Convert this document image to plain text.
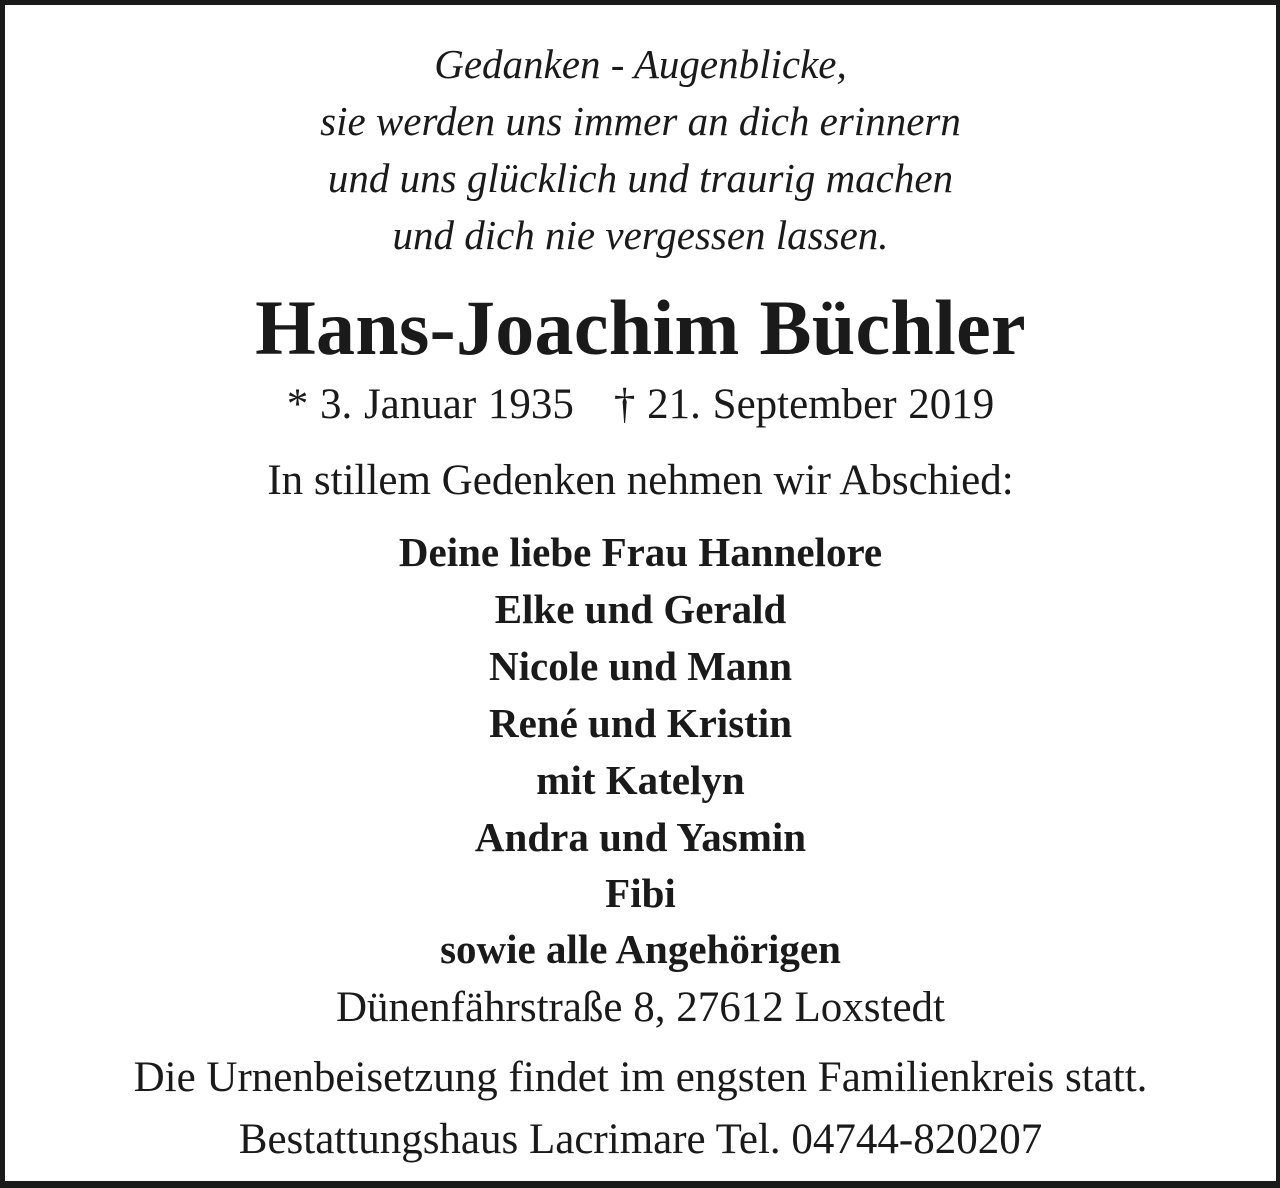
Gedanken - Augenblicke,
sie werden uns immer an dich erinnern
und uns glücklich und traurig machen
und dich nie vergessen lassen.
Hans-Joachim Büchler
* 3. Januar 1935 † 21. September 2019
In stillem Gedenken nehmen wir Abschied:
Deine liebe Frau Hannelore
Elke und Gerald
Nicole und Mann
René und Kristin
mit Katelyn
Andra und Yasmin
Fibi
sowie alle Angehörigen
Dünenfährstraße 8, 27612 Loxstedt
Die Urnenbeisetzung findet im engsten Familienkreis statt.
Bestattungshaus Lacrimare Tel. 04744-820207
